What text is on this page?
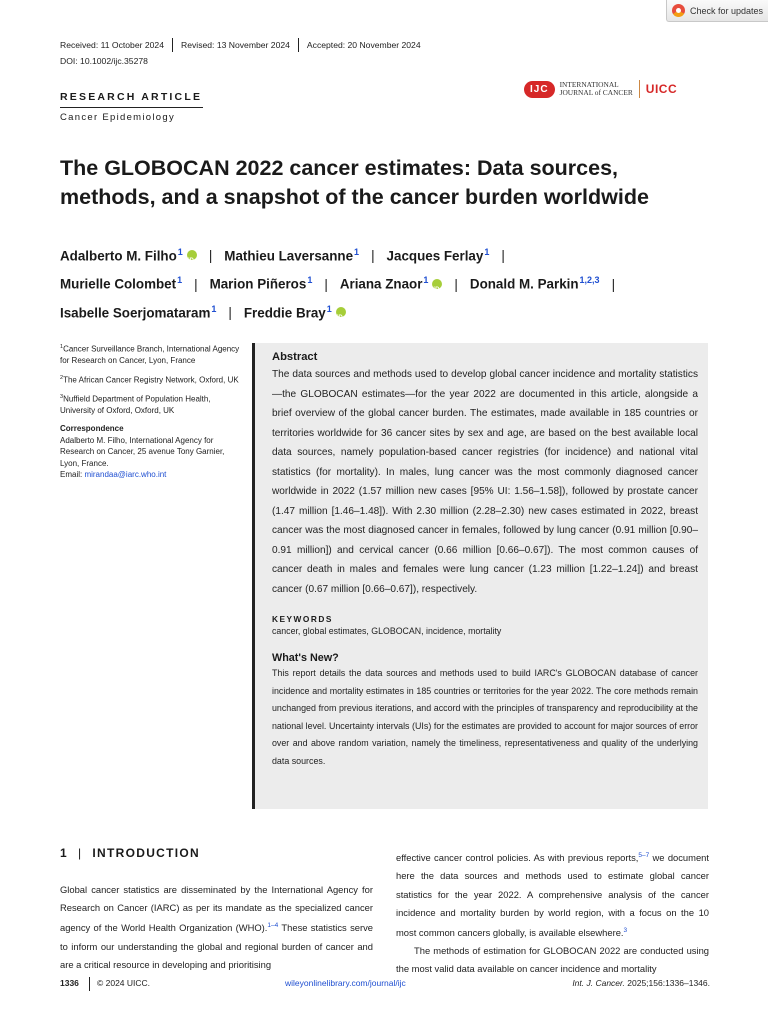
Check for updates
Received: 11 October 2024	Revised: 13 November 2024	Accepted: 20 November 2024
DOI: 10.1002/ijc.35278
RESEARCH ARTICLE
Cancer Epidemiology
IJC	INTERNATIONAL
JOURNAL of CANCER UICC
The GLOBOCAN 2022 cancer estimates: Data sources, methods, and a snapshot of the cancer burden worldwide
Adalberto M. Filho$^1$ iD | Mathieu Laversanne$^1$ | Jacques Ferlay$^1$ |
Murielle Colombet$^1$ | Marion Piñeros$^1$ | Ariana Znaor$^1$ iD | Donald M. Parkin$^{1,2,3}$ |
Isabelle Soerjomataram$^1$ | Freddie Bray$^1$iD

$^1$Cancer Surveillance Branch, International Agency for Research on Cancer, Lyon, France

$^2$The African Cancer Registry Network, Oxford, UK

$^3$Nuffield Department of Population Health, University of Oxford, Oxford, UK

Correspondence

Adalberto M. Filho, International Agency for Research on Cancer, 25 avenue Tony Garnier, Lyon, France.
Email: mirandaa@iarc.who.int

Abstract
The data sources and methods used to develop global cancer incidence and mortality statistics—the GLOBOCAN estimates—for the year 2022 are documented in this article, alongside a brief overview of the global cancer burden. The estimates, made available in 185 countries or territories worldwide for 36 cancer sites by sex and age, are based on the best available local data sources, namely population-based cancer registries (for incidence) and national vital statistics (for mortality). In males, lung cancer was the most commonly diagnosed cancer worldwide in 2022 (1.57 million new cases [95% UI: 1.56–1.58]), followed by prostate cancer (1.47 million [1.46–1.48]). With 2.30 million (2.28–2.30) new cases estimated in 2022, breast cancer was the most diagnosed cancer in females, followed by lung cancer (0.91 million [0.90–0.91 million]) and cervical cancer (0.66 million [0.66–0.67]). The most common causes of cancer death in males and females were lung cancer (1.23 million [1.22–1.24]) and breast cancer (0.67 million [0.66–0.67]), respectively.
KEYWORDS
cancer, global estimates, GLOBOCAN, incidence, mortality
What's New?
This report details the data sources and methods used to build IARC's GLOBOCAN database of cancer incidence and mortality estimates in 185 countries or territories for the year 2022. The core methods remain unchanged from previous iterations, and accord with the principles of transparency and reproducibility at the national level. Uncertainty intervals (UIs) for the estimates are provided to account for major sources of error over and above random variation, namely the timeliness, representativeness and quality of the underlying data sources.
1 | INTRODUCTION
Global cancer statistics are disseminated by the International Agency for Research on Cancer (IARC) as per its mandate as the specialized cancer agency of the World Health Organization (WHO).$^{1-4}$ These statistics serve to inform our understanding the global and regional burden of cancer and are a critical resource in developing and prioritising

effective cancer control policies. As with previous reports,$^{5-7}$ we document here the data sources and methods used to estimate global cancer statistics for the year 2022. A comprehensive analysis of the cancer incidence and mortality burden by world region, with a focus on the 10 most common cancers globally, is available elsewhere.$^3$

The methods of estimation for GLOBOCAN 2022 are conducted using the most valid data available on cancer incidence and mortality

1336 © 2024 UICC.	wileyonlinelibrary.com/journal/ijc	Int. J. Cancer. 2025;156:1336–1346.
